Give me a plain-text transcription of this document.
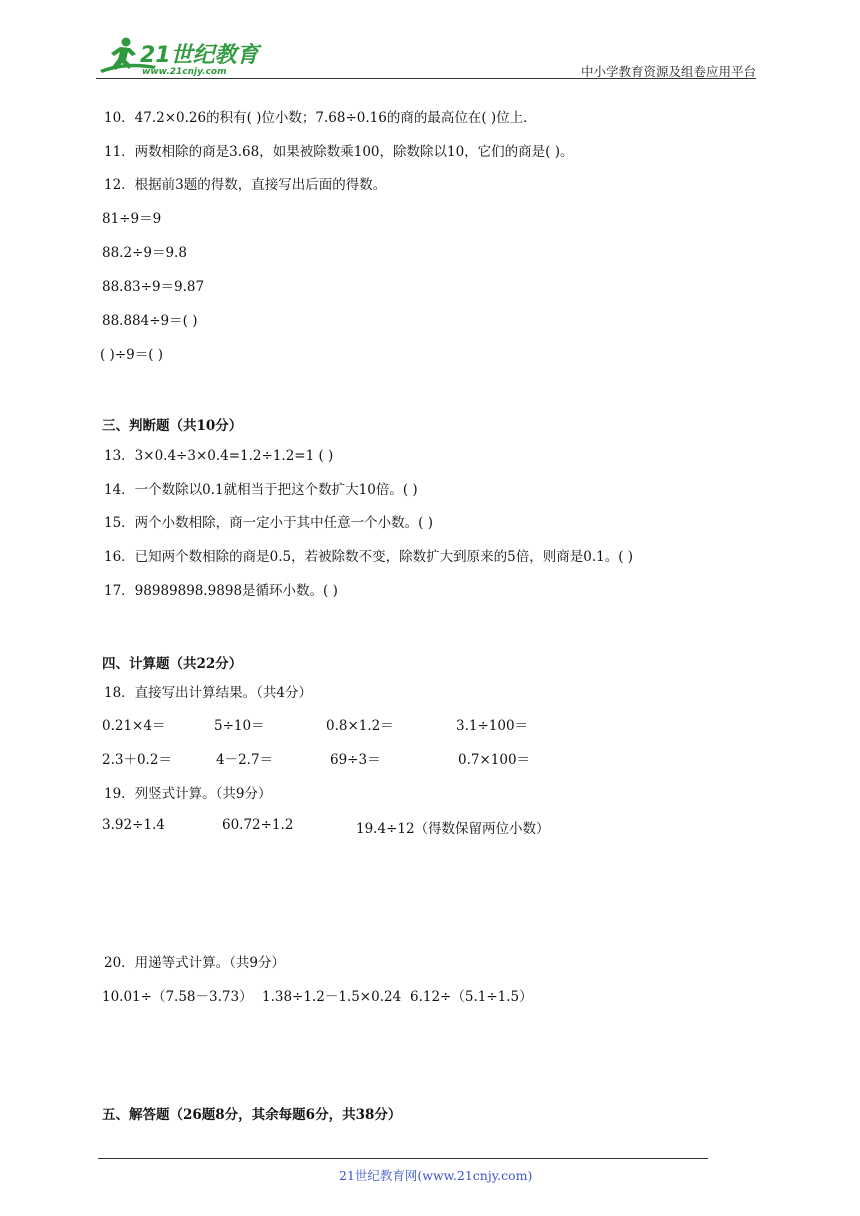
21世纪教育
www.21cnjy.com	中小学教育资源及组卷应用平台
10．47.2×0.26的积有( )位小数；7.68÷0.16的商的最高位在( )位上．
11．两数相除的商是3.68，如果被除数乘100，除数除以10，它们的商是( )。
12．根据前3题的得数，直接写出后面的得数。
81÷9＝9
88.2÷9＝9.8
88.83÷9＝9.87
88.884÷9＝( )
( )÷9＝( )
三、判断题（共10分）
13．3×0.4÷3×0.4=1.2÷1.2=1 ( )
14．一个数除以0.1就相当于把这个数扩大10倍。( )
15．两个小数相除，商一定小于其中任意一个小数。( )
16．已知两个数相除的商是0.5，若被除数不变，除数扩大到原来的5倍，则商是0.1。( )
17．98989898.9898是循环小数。( )
四、计算题（共22分）
18．直接写出计算结果。（共4分）
0.21×4＝	5÷10＝	0.8×1.2＝	3.1÷100＝
2.3＋0.2＝	4－2.7＝	69÷3＝	0.7×100＝
19．列竖式计算。（共9分）
3.92÷1.4	60.72÷1.2	19.4÷12（得数保留两位小数）
20．用递等式计算。（共9分）
10.01÷（7.58－3.73） 1.38÷1.2－1.5×0.24 6.12÷（5.1÷1.5）
五、解答题（26题8分，其余每题6分，共38分）
21世纪教育网(www.21cnjy.com)
